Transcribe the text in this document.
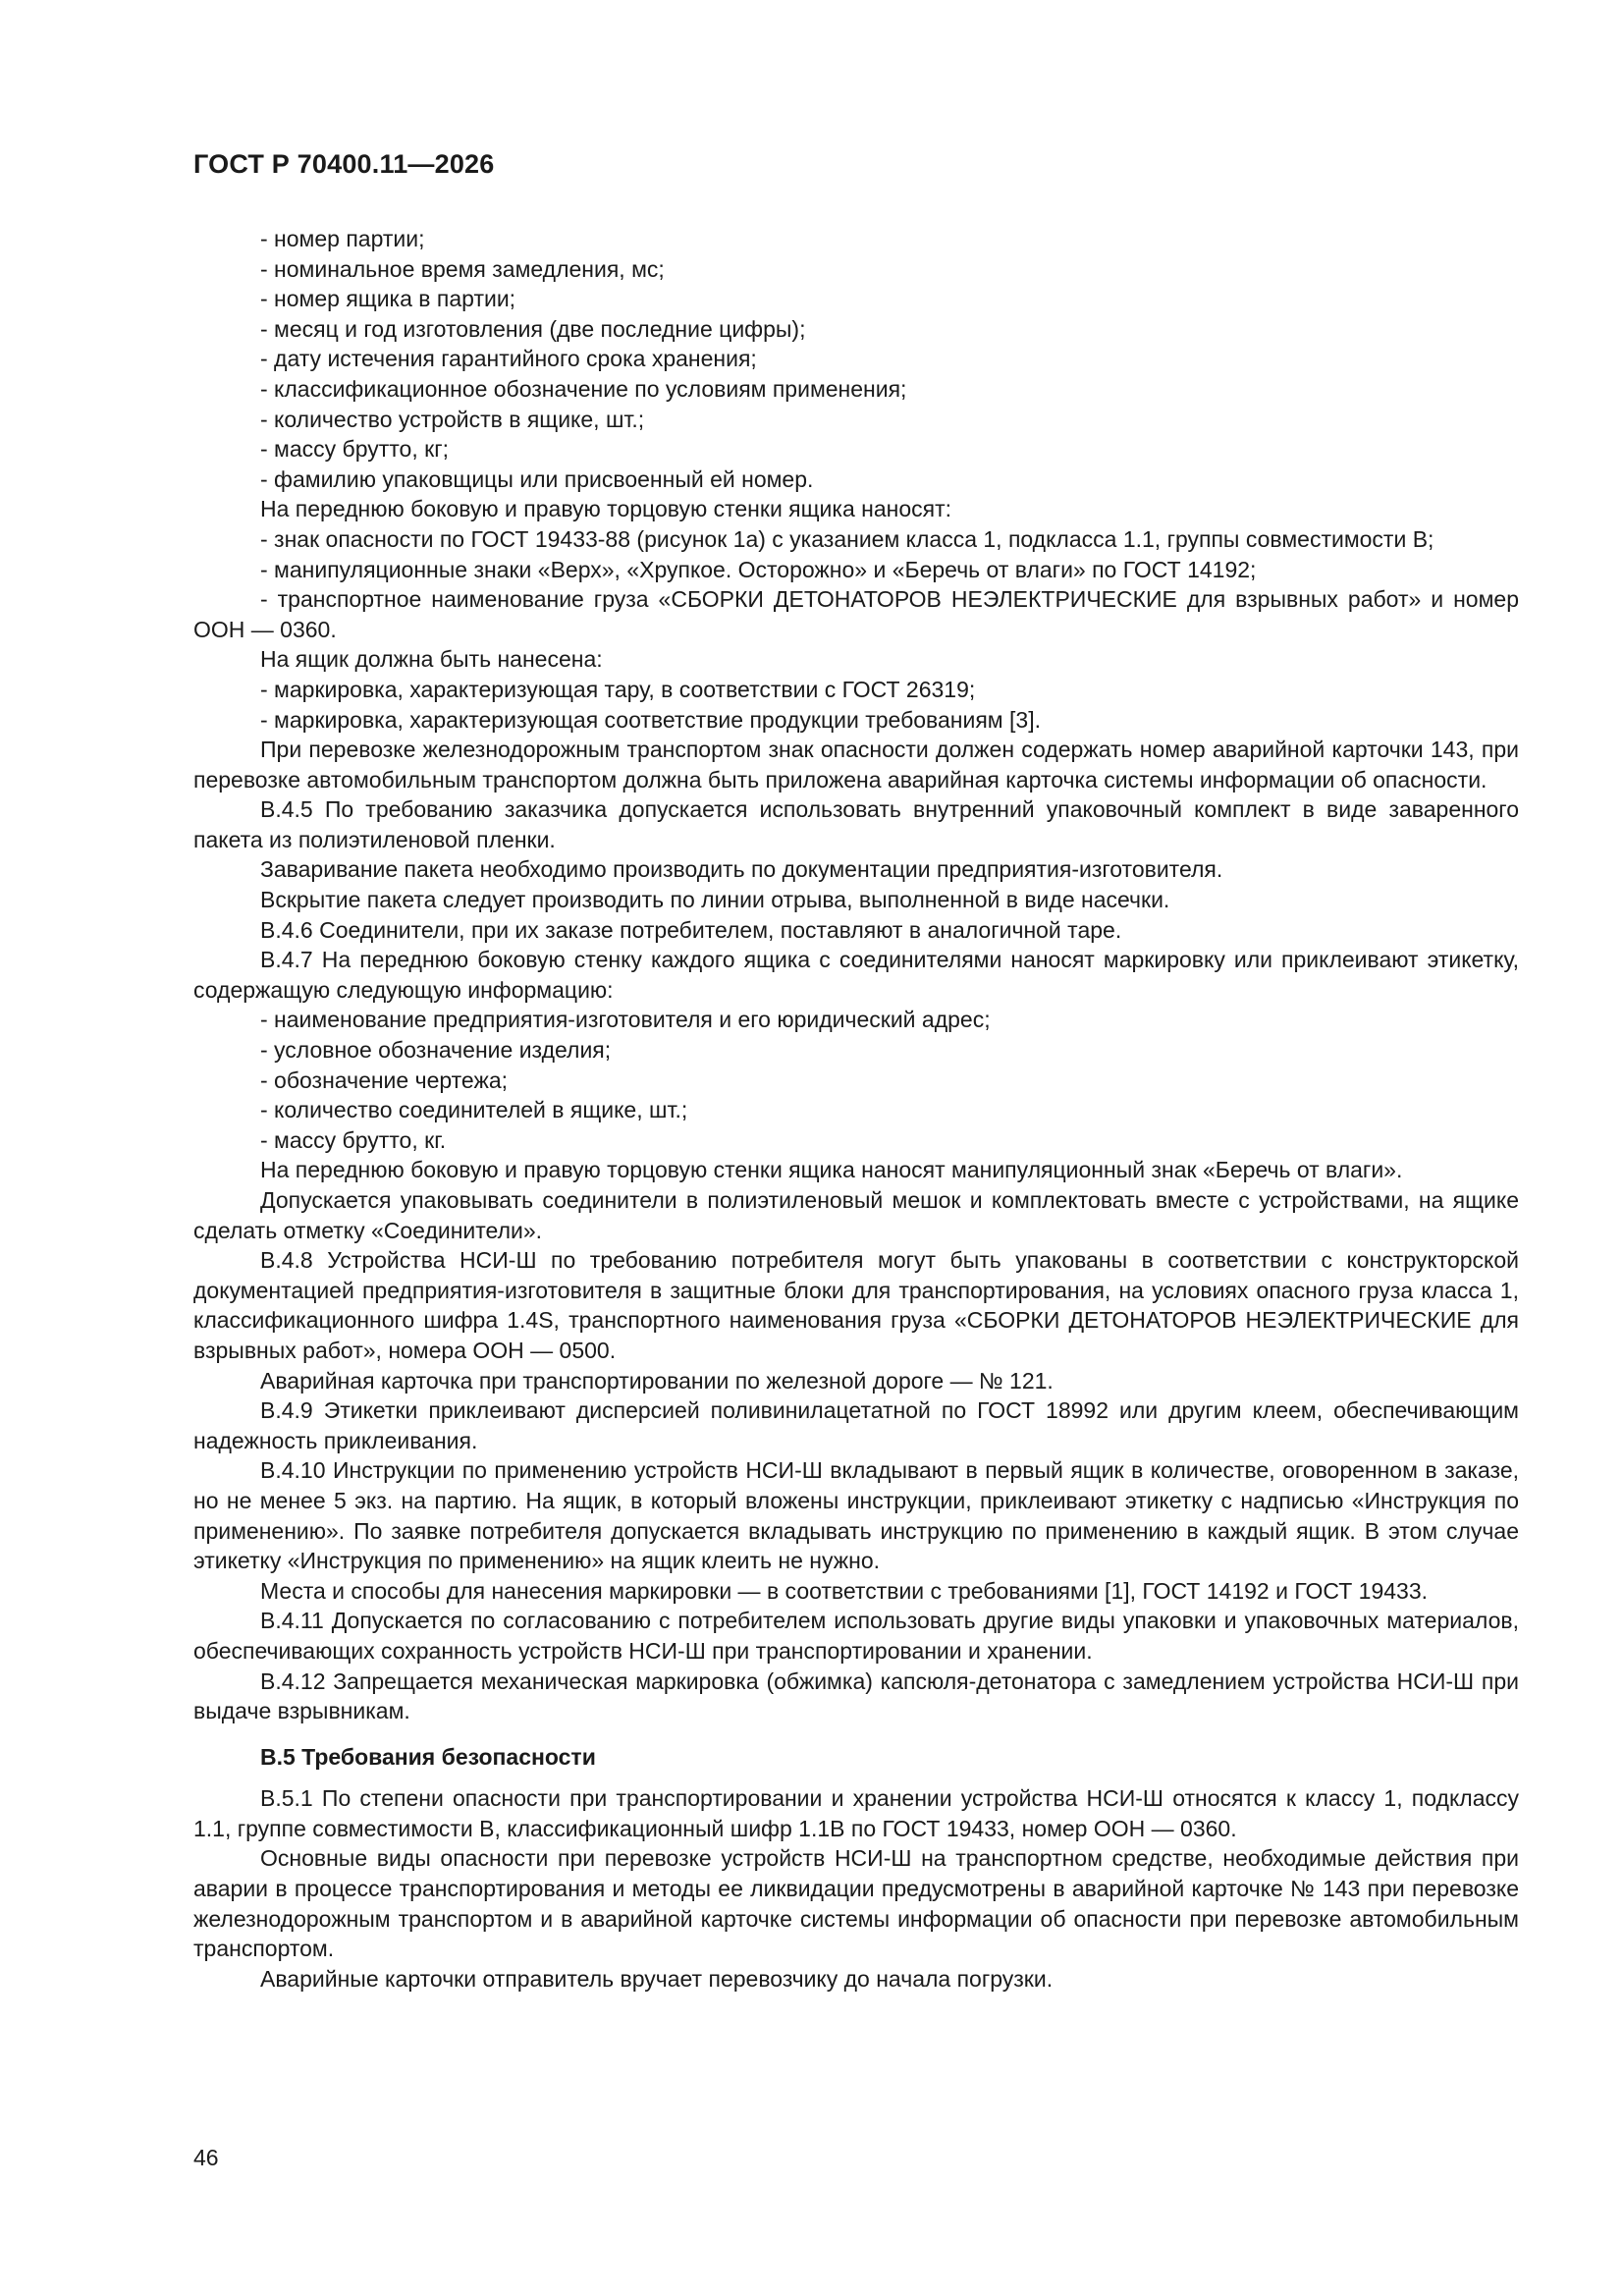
ГОСТ Р 70400.11—2026

- номер партии;

- номинальное время замедления, мс;

- номер ящика в партии;

- месяц и год изготовления (две последние цифры);

- дату истечения гарантийного срока хранения;

- классификационное обозначение по условиям применения;

- количество устройств в ящике, шт.;

- массу брутто, кг;

- фамилию упаковщицы или присвоенный ей номер.

На переднюю боковую и правую торцовую стенки ящика наносят:

- знак опасности по ГОСТ 19433-88 (рисунок 1а) с указанием класса 1, подкласса 1.1, группы совместимости В;

- манипуляционные знаки «Верх», «Хрупкое. Осторожно» и «Беречь от влаги» по ГОСТ 14192;

- транспортное наименование груза «СБОРКИ ДЕТОНАТОРОВ НЕЭЛЕКТРИЧЕСКИЕ для взрывных работ» и номер ООН — 0360.

На ящик должна быть нанесена:

- маркировка, характеризующая тару, в соответствии с ГОСТ 26319;

- маркировка, характеризующая соответствие продукции требованиям [3].

При перевозке железнодорожным транспортом знак опасности должен содержать номер аварийной карточки 143, при перевозке автомобильным транспортом должна быть приложена аварийная карточка системы информации об опасности.

В.4.5 По требованию заказчика допускается использовать внутренний упаковочный комплект в виде заваренного пакета из полиэтиленовой пленки.

Заваривание пакета необходимо производить по документации предприятия-изготовителя.

Вскрытие пакета следует производить по линии отрыва, выполненной в виде насечки.

В.4.6 Соединители, при их заказе потребителем, поставляют в аналогичной таре.

В.4.7 На переднюю боковую стенку каждого ящика с соединителями наносят маркировку или приклеивают этикетку, содержащую следующую информацию:

- наименование предприятия-изготовителя и его юридический адрес;

- условное обозначение изделия;

- обозначение чертежа;

- количество соединителей в ящике, шт.;

- массу брутто, кг.

На переднюю боковую и правую торцовую стенки ящика наносят манипуляционный знак «Беречь от влаги».

Допускается упаковывать соединители в полиэтиленовый мешок и комплектовать вместе с устройствами, на ящике сделать отметку «Соединители».

В.4.8 Устройства НСИ-Ш по требованию потребителя могут быть упакованы в соответствии с конструкторской документацией предприятия-изготовителя в защитные блоки для транспортирования, на условиях опасного груза класса 1, классификационного шифра 1.4S, транспортного наименования груза «СБОРКИ ДЕТОНАТОРОВ НЕЭЛЕКТРИЧЕСКИЕ для взрывных работ», номера ООН — 0500.

Аварийная карточка при транспортировании по железной дороге — № 121.

В.4.9 Этикетки приклеивают дисперсией поливинилацетатной по ГОСТ 18992 или другим клеем, обеспечивающим надежность приклеивания.

В.4.10 Инструкции по применению устройств НСИ-Ш вкладывают в первый ящик в количестве, оговоренном в заказе, но не менее 5 экз. на партию. На ящик, в который вложены инструкции, приклеивают этикетку с надписью «Инструкция по применению». По заявке потребителя допускается вкладывать инструкцию по применению в каждый ящик. В этом случае этикетку «Инструкция по применению» на ящик клеить не нужно.

Места и способы для нанесения маркировки — в соответствии с требованиями [1], ГОСТ 14192 и ГОСТ 19433.

В.4.11 Допускается по согласованию с потребителем использовать другие виды упаковки и упаковочных материалов, обеспечивающих сохранность устройств НСИ-Ш при транспортировании и хранении.

В.4.12 Запрещается механическая маркировка (обжимка) капсюля-детонатора с замедлением устройства НСИ-Ш при выдаче взрывникам.

В.5 Требования безопасности

В.5.1 По степени опасности при транспортировании и хранении устройства НСИ-Ш относятся к классу 1, подклассу 1.1, группе совместимости В, классификационный шифр 1.1В по ГОСТ 19433, номер ООН — 0360.

Основные виды опасности при перевозке устройств НСИ-Ш на транспортном средстве, необходимые действия при аварии в процессе транспортирования и методы ее ликвидации предусмотрены в аварийной карточке № 143 при перевозке железнодорожным транспортом и в аварийной карточке системы информации об опасности при перевозке автомобильным транспортом.

Аварийные карточки отправитель вручает перевозчику до начала погрузки.

46
